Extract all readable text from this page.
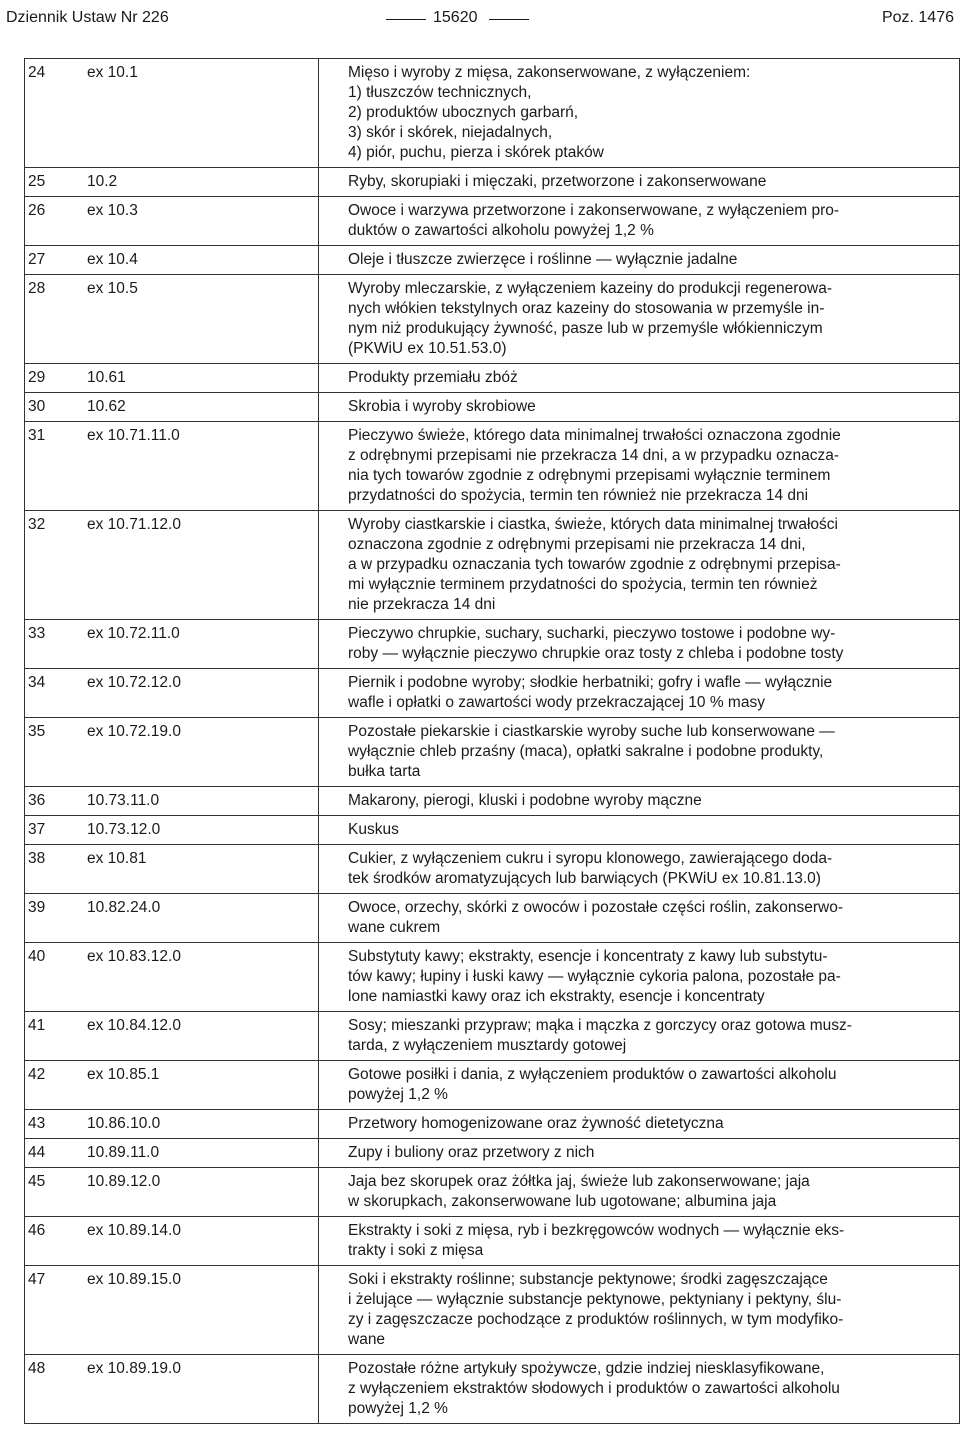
Dziennik Ustaw Nr 226	15620	Poz. 1476
24	ex 10.1	Mięso i wyroby z mięsa, zakonserwowane, z wyłączeniem:
1) tłuszczów technicznych,
2) produktów ubocznych garbarń,
3) skór i skórek, niejadalnych,
4) piór, puchu, pierza i skórek ptaków
25	10.2	Ryby, skorupiaki i mięczaki, przetworzone i zakonserwowane
26	ex 10.3	Owoce i warzywa przetworzone i zakonserwowane, z wyłączeniem pro-
duktów o zawartości alkoholu powyżej 1,2 %
27	ex 10.4	Oleje i tłuszcze zwierzęce i roślinne — wyłącznie jadalne
28	ex 10.5	Wyroby mleczarskie, z wyłączeniem kazeiny do produkcji regenerowa-
nych włókien tekstylnych oraz kazeiny do stosowania w przemyśle in-
nym niż produkujący żywność, pasze lub w przemyśle włókienniczym
(PKWiU ex 10.51.53.0)
29	10.61	Produkty przemiału zbóż
30	10.62	Skrobia i wyroby skrobiowe
31	ex 10.71.11.0	Pieczywo świeże, którego data minimalnej trwałości oznaczona zgodnie
z odrębnymi przepisami nie przekracza 14 dni, a w przypadku oznacza-
nia tych towarów zgodnie z odrębnymi przepisami wyłącznie terminem
przydatności do spożycia, termin ten również nie przekracza 14 dni
32	ex 10.71.12.0	Wyroby ciastkarskie i ciastka, świeże, których data minimalnej trwałości
oznaczona zgodnie z odrębnymi przepisami nie przekracza 14 dni,
a w przypadku oznaczania tych towarów zgodnie z odrębnymi przepisa-
mi wyłącznie terminem przydatności do spożycia, termin ten również
nie przekracza 14 dni
33	ex 10.72.11.0	Pieczywo chrupkie, suchary, sucharki, pieczywo tostowe i podobne wy-
roby — wyłącznie pieczywo chrupkie oraz tosty z chleba i podobne tosty
34	ex 10.72.12.0	Piernik i podobne wyroby; słodkie herbatniki; gofry i wafle — wyłącznie
wafle i opłatki o zawartości wody przekraczającej 10 % masy
35	ex 10.72.19.0	Pozostałe piekarskie i ciastkarskie wyroby suche lub konserwowane —
wyłącznie chleb przaśny (maca), opłatki sakralne i podobne produkty,
bułka tarta
36	10.73.11.0	Makarony, pierogi, kluski i podobne wyroby mączne
37	10.73.12.0	Kuskus
38	ex 10.81	Cukier, z wyłączeniem cukru i syropu klonowego, zawierającego doda-
tek środków aromatyzujących lub barwiących (PKWiU ex 10.81.13.0)
39	10.82.24.0	Owoce, orzechy, skórki z owoców i pozostałe części roślin, zakonserwo-
wane cukrem
40	ex 10.83.12.0	Substytuty kawy; ekstrakty, esencje i koncentraty z kawy lub substytu-
tów kawy; łupiny i łuski kawy — wyłącznie cykoria palona, pozostałe pa-
lone namiastki kawy oraz ich ekstrakty, esencje i koncentraty
41	ex 10.84.12.0	Sosy; mieszanki przypraw; mąka i mączka z gorczycy oraz gotowa musz-
tarda, z wyłączeniem musztardy gotowej
42	ex 10.85.1	Gotowe posiłki i dania, z wyłączeniem produktów o zawartości alkoholu
powyżej 1,2 %
43	10.86.10.0	Przetwory homogenizowane oraz żywność dietetyczna
44	10.89.11.0	Zupy i buliony oraz przetwory z nich
45	10.89.12.0	Jaja bez skorupek oraz żółtka jaj, świeże lub zakonserwowane; jaja
w skorupkach, zakonserwowane lub ugotowane; albumina jaja
46	ex 10.89.14.0	Ekstrakty i soki z mięsa, ryb i bezkręgowców wodnych — wyłącznie eks-
trakty i soki z mięsa
47	ex 10.89.15.0	Soki i ekstrakty roślinne; substancje pektynowe; środki zagęszczające
i żelujące — wyłącznie substancje pektynowe, pektyniany i pektyny, ślu-
zy i zagęszczacze pochodzące z produktów roślinnych, w tym modyfiko-
wane
48	ex 10.89.19.0	Pozostałe różne artykuły spożywcze, gdzie indziej niesklasyfikowane,
z wyłączeniem ekstraktów słodowych i produktów o zawartości alkoholu
powyżej 1,2 %
